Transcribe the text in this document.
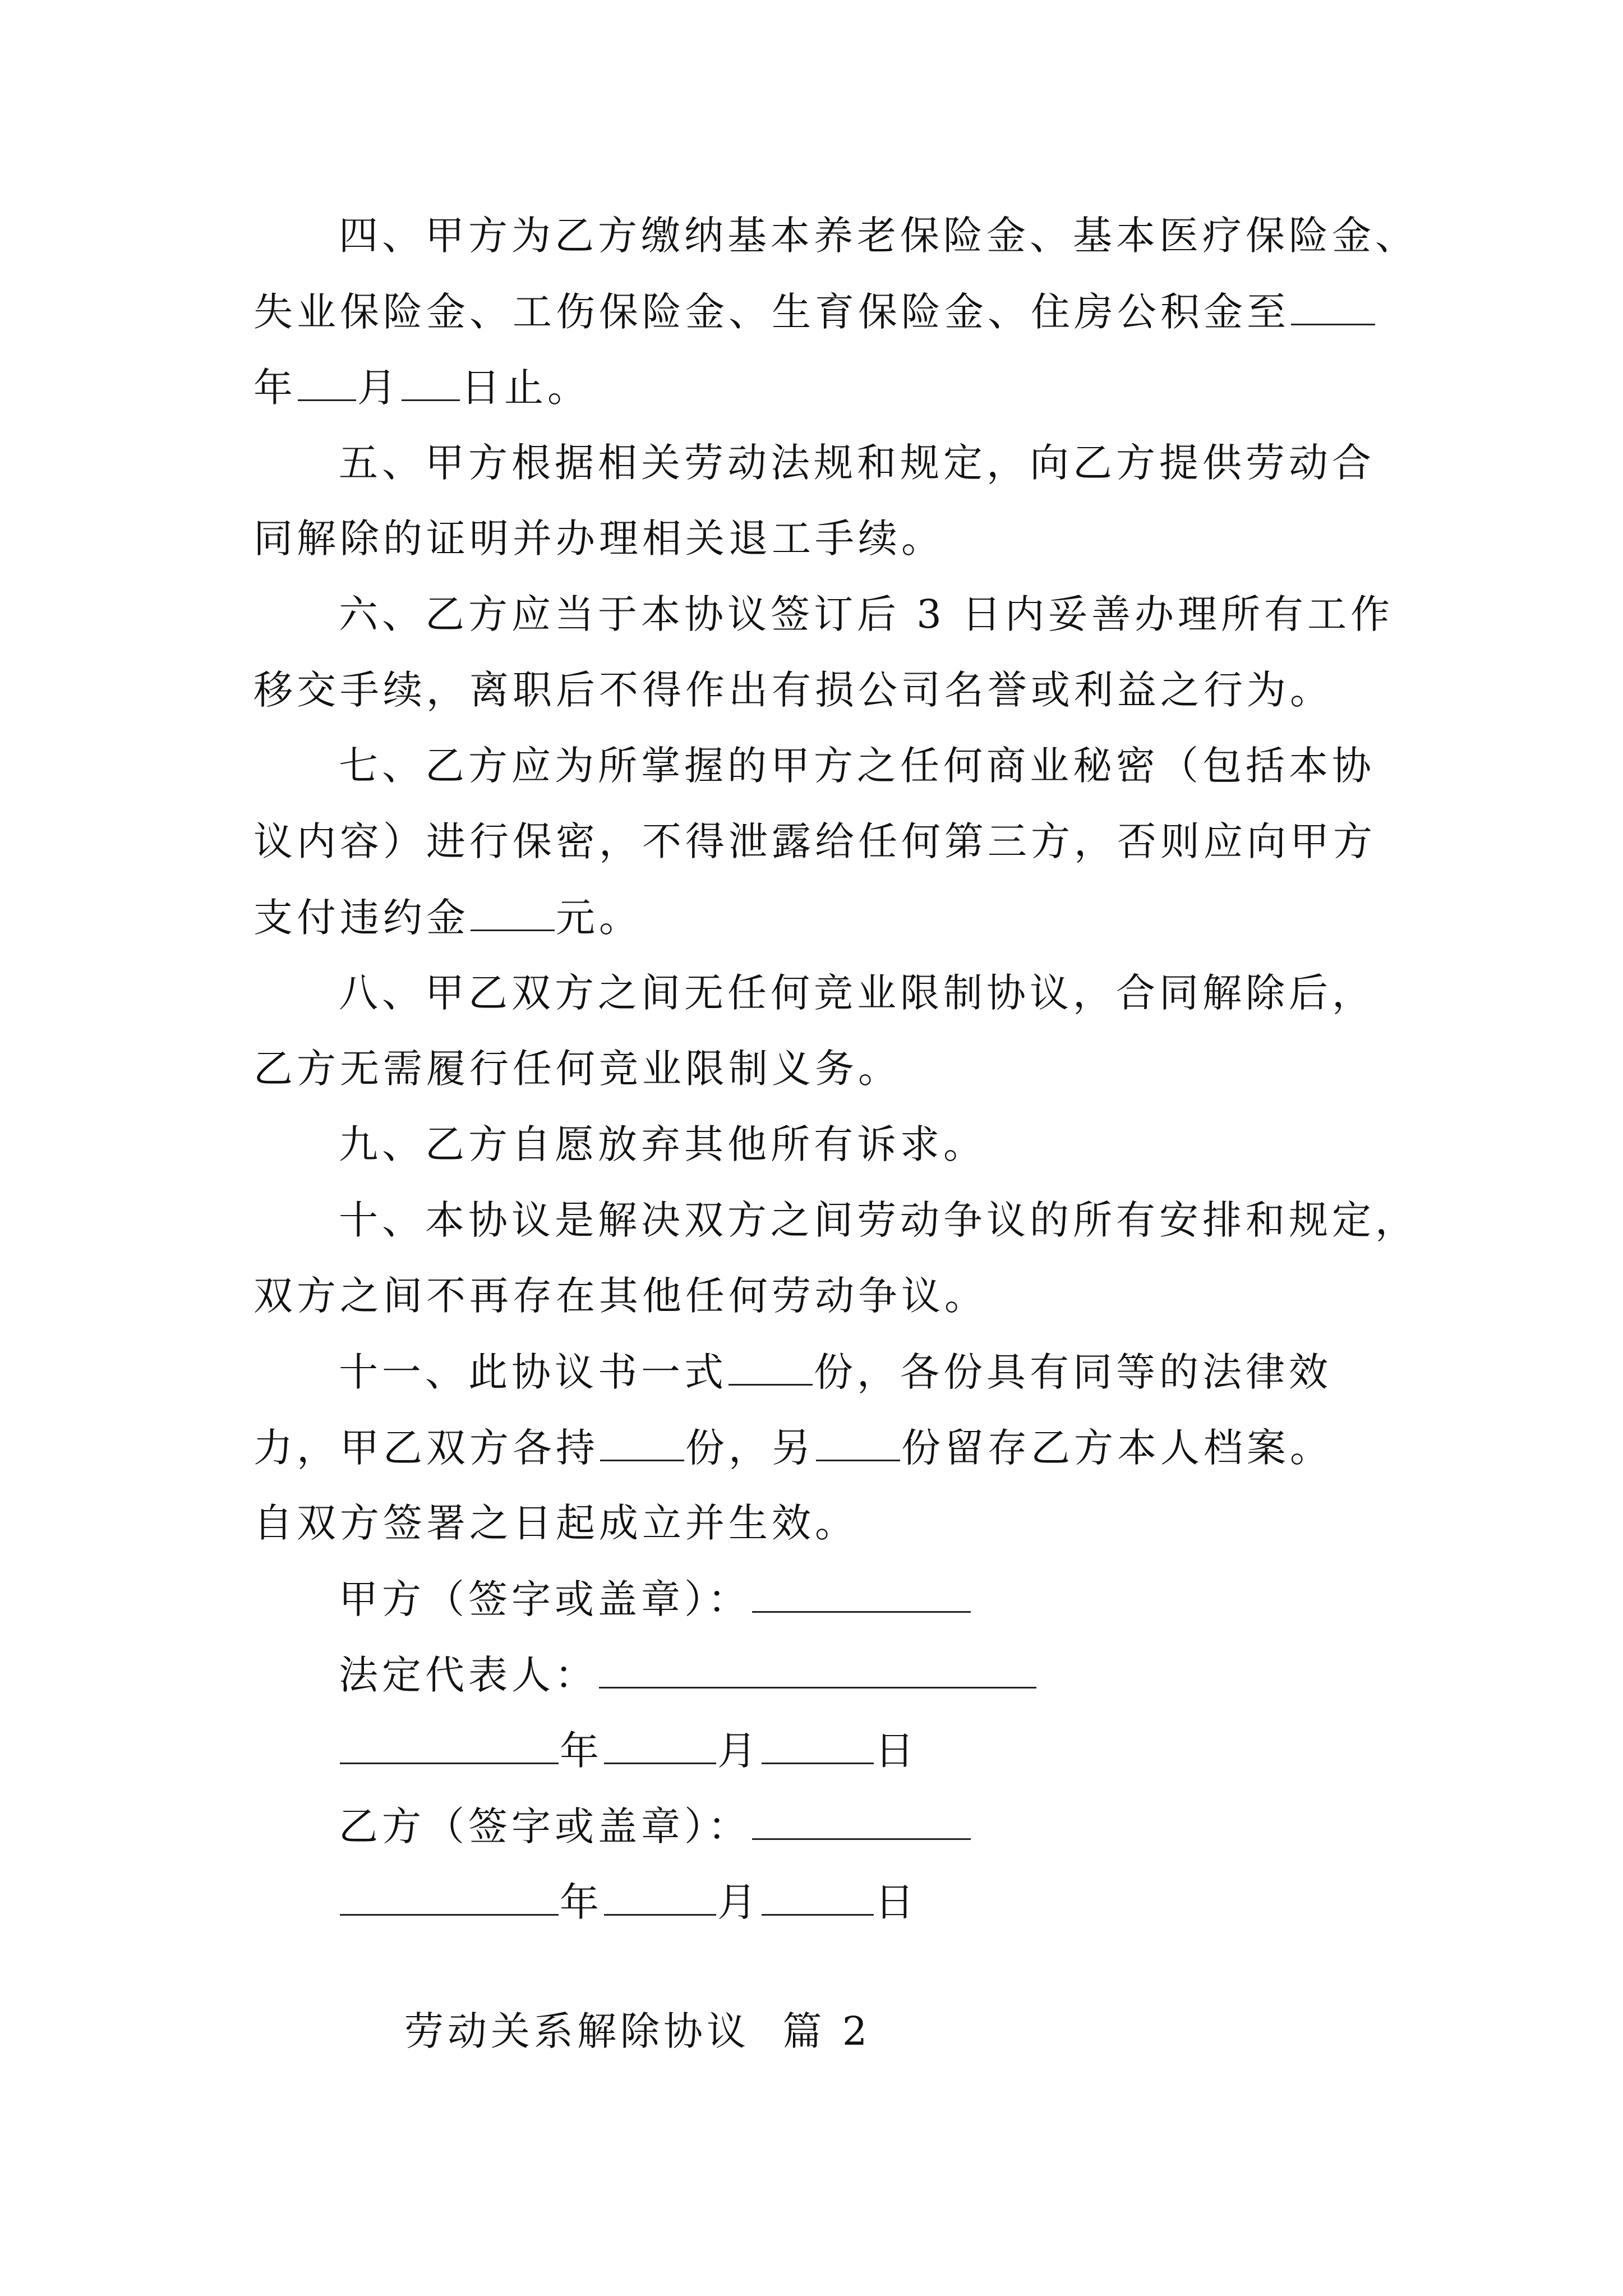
四、甲方为乙方缴纳基本养老保险金、基本医疗保险金、
失业保险金、工伤保险金、生育保险金、住房公积金至
年 月 日止。
五、甲方根据相关劳动法规和规定，向乙方提供劳动合
同解除的证明并办理相关退工手续。
六、乙方应当于本协议签订后 3 日内妥善办理所有工作
移交手续，离职后不得作出有损公司名誉或利益之行为。
七、乙方应为所掌握的甲方之任何商业秘密（包括本协
议内容）进行保密，不得泄露给任何第三方，否则应向甲方
支付违约金 元。
八、甲乙双方之间无任何竞业限制协议，合同解除后，
乙方无需履行任何竞业限制义务。
九、乙方自愿放弃其他所有诉求。
十、本协议是解决双方之间劳动争议的所有安排和规定，
双方之间不再存在其他任何劳动争议。
十一、此协议书一式 份，各份具有同等的法律效
力，甲乙双方各持 份，另 份留存乙方本人档案。
自双方签署之日起成立并生效。
甲方（签字或盖章）：
法定代表人：
年	月	日
乙方（签字或盖章）：
年	月	日

劳动关系解除协议  篇 2
